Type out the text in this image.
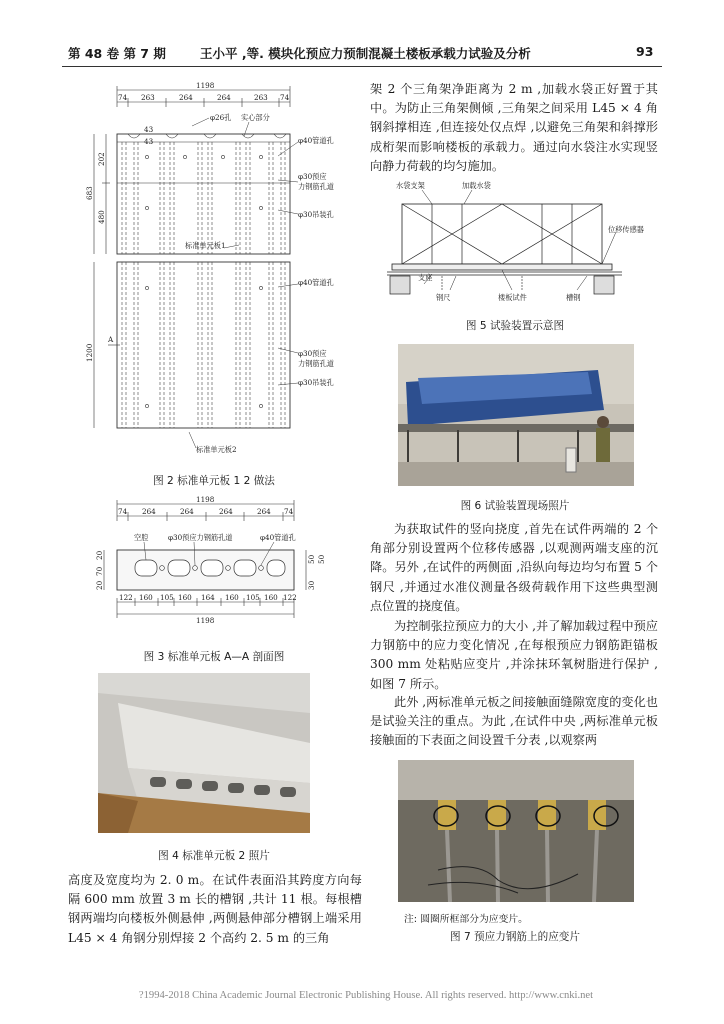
第 48 卷 第 7 期	王小平 ,等. 模块化预应力预制混凝土楼板承载力试验及分析	93
1198
74 263	264	264	263 74
683
202
480
43
43
φ26孔 实心部分
φ40管道孔
φ30预应
力钢筋孔道
φ30吊装孔
标准单元板1
1200
A
φ40管道孔
φ30预应
力钢筋孔道
φ30吊装孔
标准单元板2
图 2 标准单元板 1 2 做法
1198
74 264	264	264	264 74
空腔	φ30预应力钢筋孔道	φ40管道孔
20
70
20
50 50
30
122 160 105 160 164 160 105 160 122
1198
图 3 标准单元板 A—A 剖面图
图 4 标准单元板 2 照片

高度及宽度均为 2. 0 m。在试件表面沿其跨度方向每隔 600 mm 放置 3 m 长的槽钢 ,共计 11 根。每根槽钢两端均向楼板外侧悬伸 ,两侧悬伸部分槽钢上端采用 L45 × 4 角钢分别焊接 2 个高约 2. 5 m 的三角

架 2 个三角架净距离为 2 m ,加载水袋正好置于其中。为防止三角架侧倾 ,三角架之间采用 L45 × 4 角钢斜撑相连 ,但连接处仅点焊 ,以避免三角架和斜撑形成桁架而影响楼板的承载力。通过向水袋注水实现竖向静力荷载的均匀施加。

水袋支架	加载水袋
位移传感器
支座
钢尺	楼板试件	槽钢
图 5 试验装置示意图
图 6 试验装置现场照片

为获取试件的竖向挠度 ,首先在试件两端的 2 个角部分别设置两个位移传感器 ,以观测两端支座的沉降。另外 ,在试件的两侧面 ,沿纵向每边均匀布置 5 个钢尺 ,并通过水准仪测量各级荷载作用下这些典型测点位置的挠度值。

为控制张拉预应力的大小 ,并了解加载过程中预应力钢筋中的应力变化情况 ,在每根预应力钢筋距锚板 300 mm 处粘贴应变片 ,并涂抹环氧树脂进行保护 ,如图 7 所示。

此外 ,两标准单元板之间接触面缝隙宽度的变化也是试验关注的重点。为此 ,在试件中央 ,两标准单元板接触面的下表面之间设置千分表 ,以观察两

注: 圆圈所框部分为应变片。
图 7 预应力钢筋上的应变片
?1994-2018 China Academic Journal Electronic Publishing House. All rights reserved. http://www.cnki.net
